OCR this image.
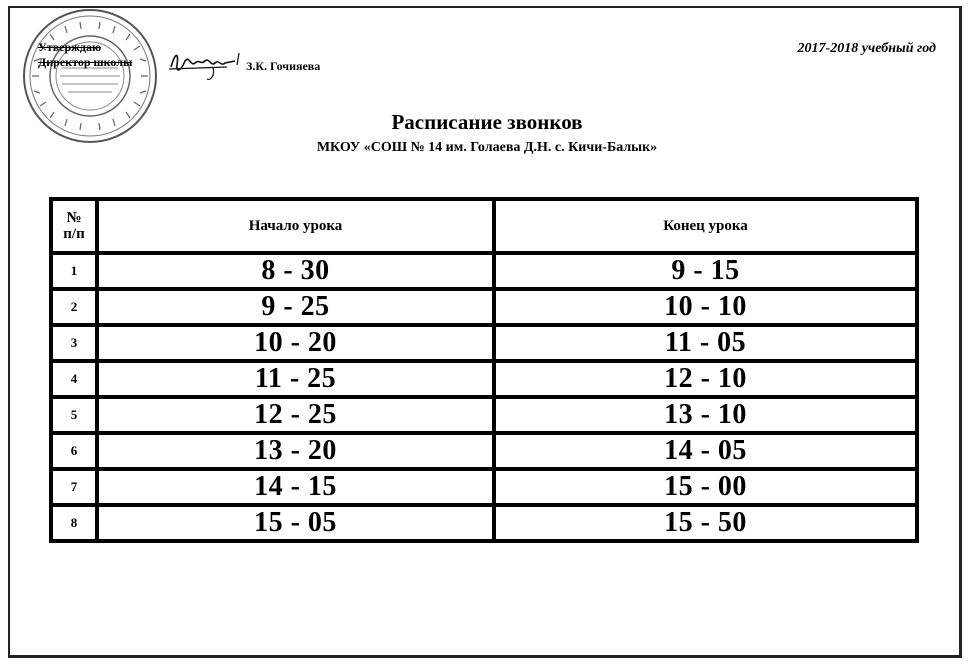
Утверждаю
Директор школы	З.К. Гочияева
2017-2018 учебный год
Расписание звонков
МКОУ «СОШ № 14 им. Голаева Д.Н. с. Кичи-Балык»
№
п/п	Начало урока	Конец урока
1	8 - 30	9 - 15
2	9 - 25	10 - 10
3	10 - 20	11 - 05
4	11 - 25	12 - 10
5	12 - 25	13 - 10
6	13 - 20	14 - 05
7	14 - 15	15 - 00
8	15 - 05	15 - 50
